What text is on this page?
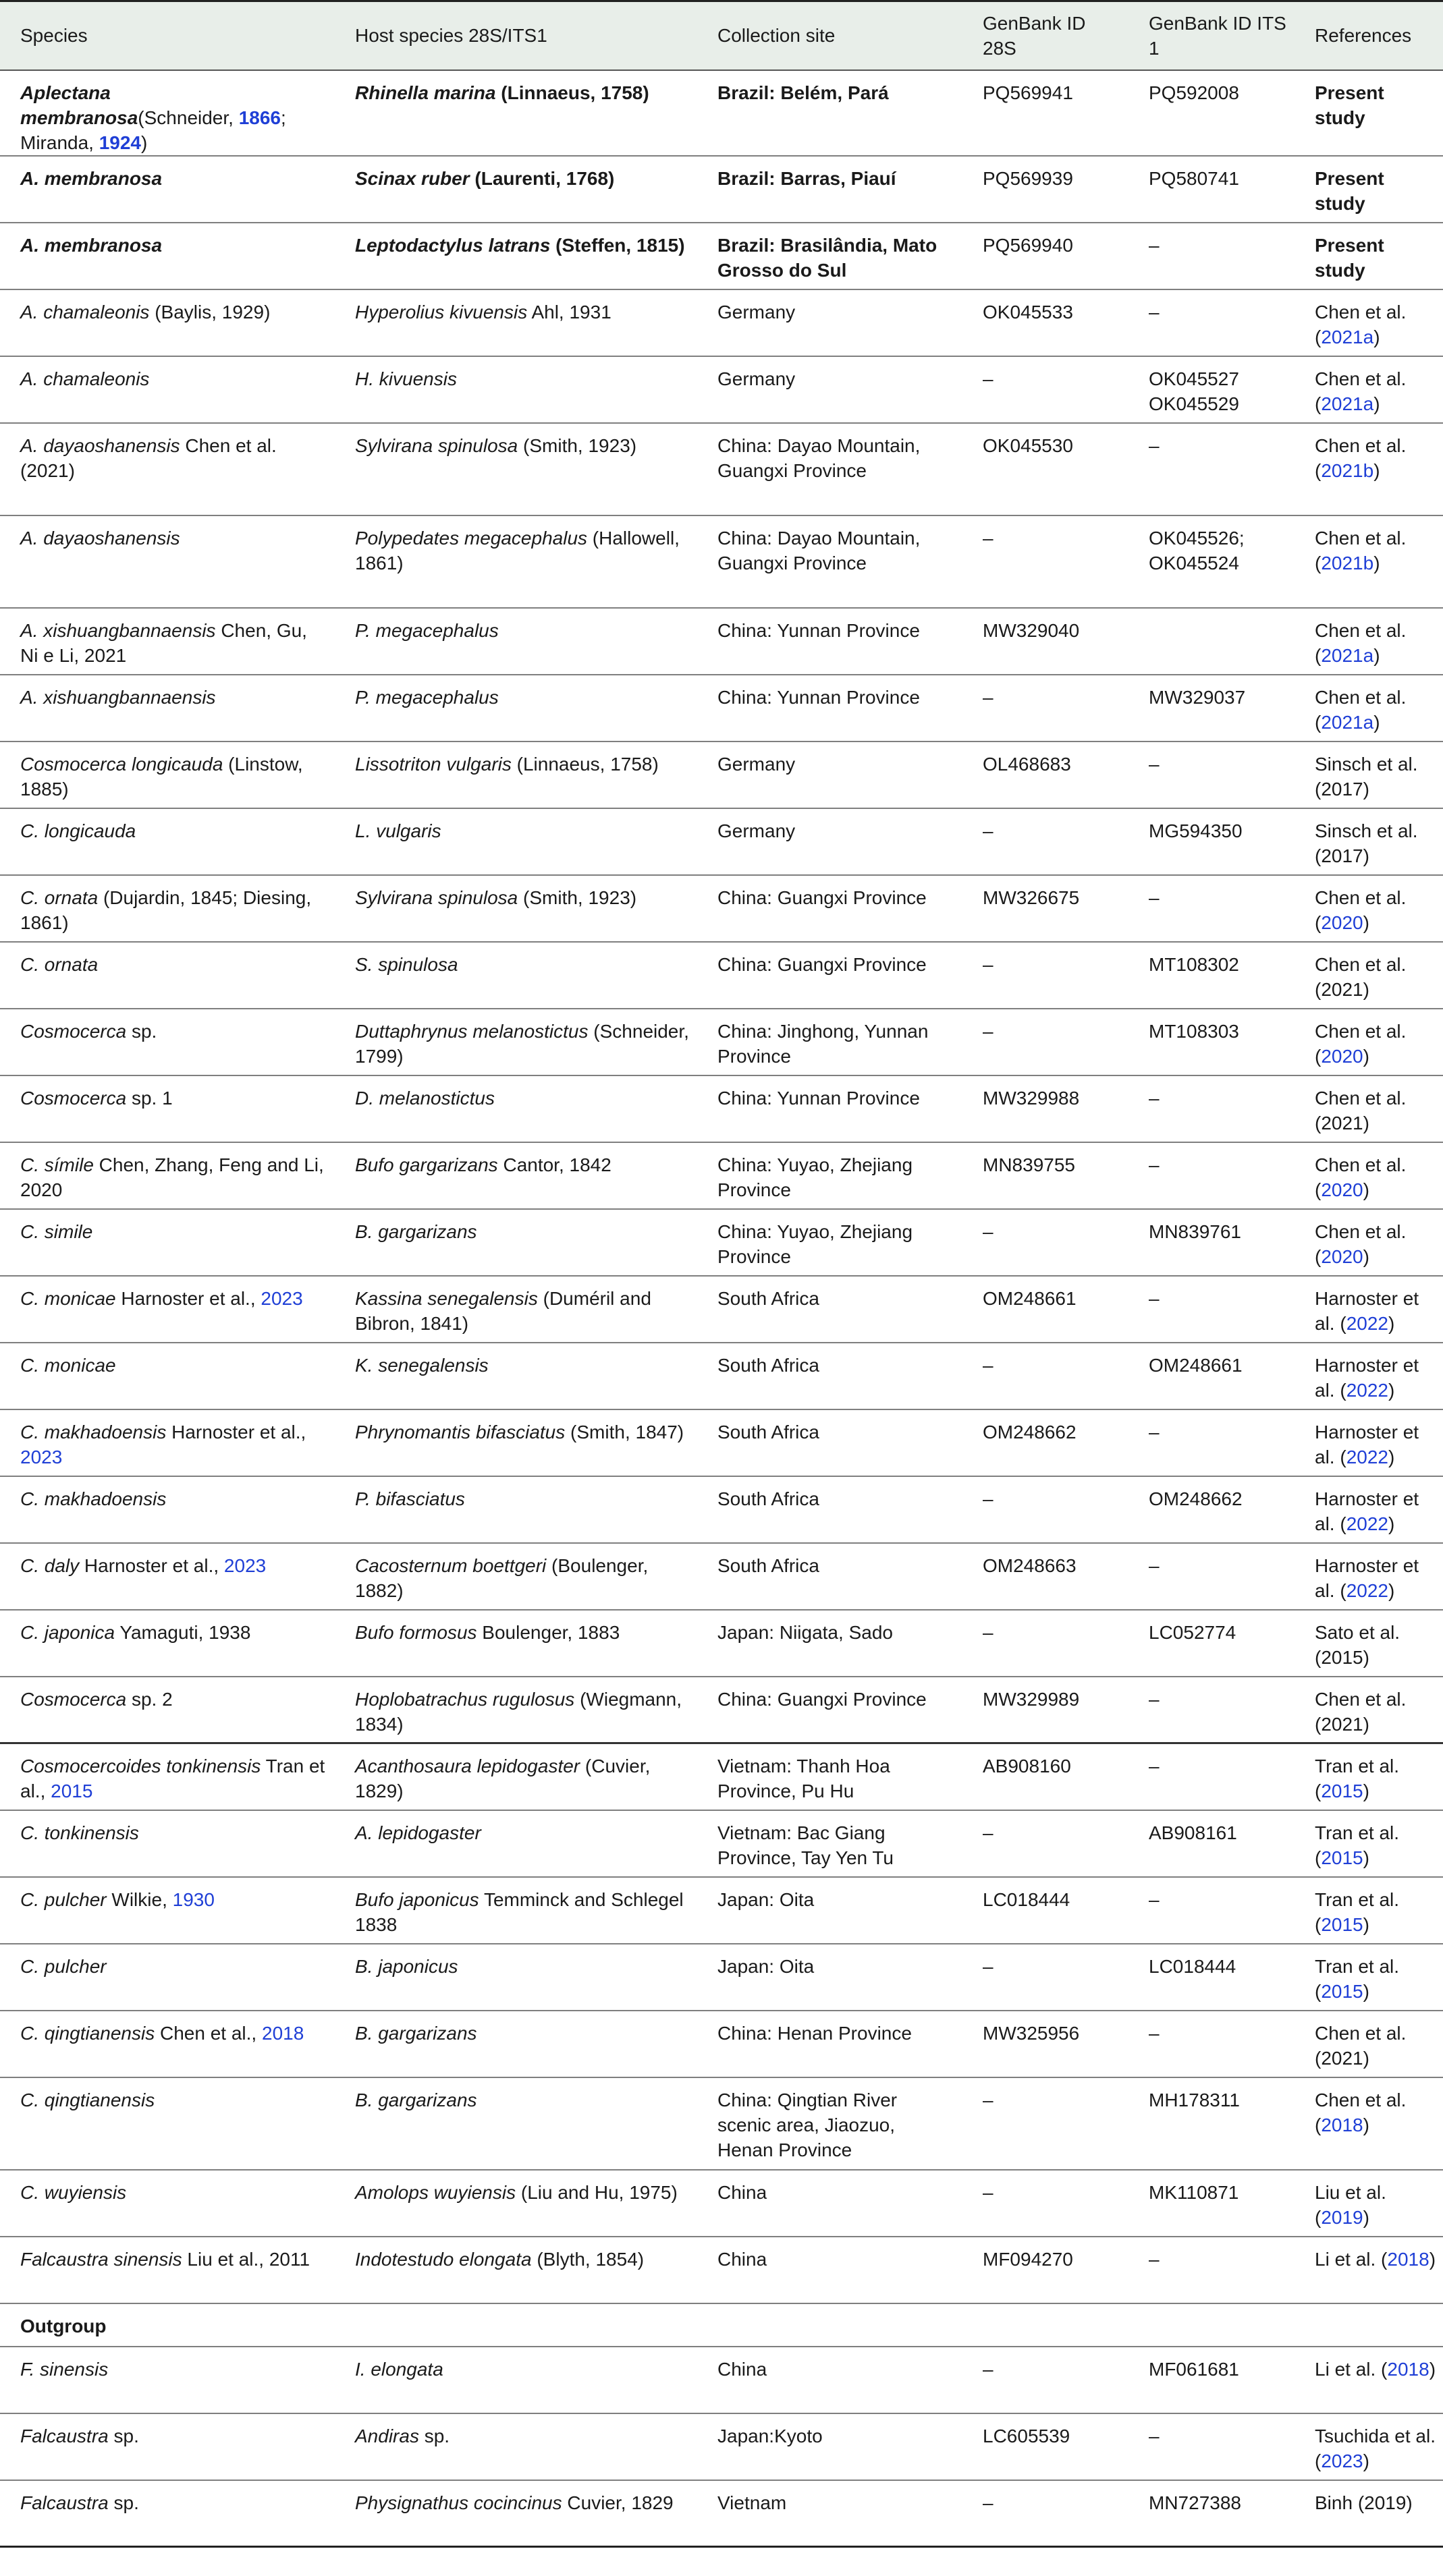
Species	Host species 28S/ITS1	Collection site	GenBank ID 28S	GenBank ID ITS 1	References
Aplectana membranosa(Schneider, 1866; Miranda, 1924)	Rhinella marina (Linnaeus, 1758)	Brazil: Belém, Pará	PQ569941	PQ592008	Present study
A. membranosa	Scinax ruber (Laurenti, 1768)	Brazil: Barras, Piauí	PQ569939	PQ580741	Present study
A. membranosa	Leptodactylus latrans (Steffen, 1815)	Brazil: Brasilândia, Mato Grosso do Sul	PQ569940	–	Present study
A. chamaleonis (Baylis, 1929)	Hyperolius kivuensis Ahl, 1931	Germany	OK045533	–	Chen et al. (2021a)
A. chamaleonis	H. kivuensis	Germany	–	OK045527 OK045529	Chen et al. (2021a)
A. dayaoshanensis Chen et al. (2021)	Sylvirana spinulosa (Smith, 1923)	China: Dayao Mountain, Guangxi Province	OK045530	–	Chen et al. (2021b)
A. dayaoshanensis	Polypedates megacephalus (Hallowell, 1861)	China: Dayao Mountain, Guangxi Province	–	OK045526; OK045524	Chen et al. (2021b)
A. xishuangbannaensis Chen, Gu, Ni e Li, 2021	P. megacephalus	China: Yunnan Province	MW329040		Chen et al. (2021a)
A. xishuangbannaensis	P. megacephalus	China: Yunnan Province	–	MW329037	Chen et al. (2021a)
Cosmocerca longicauda (Linstow, 1885)	Lissotriton vulgaris (Linnaeus, 1758)	Germany	OL468683	–	Sinsch et al. (2017)
C. longicauda	L. vulgaris	Germany	–	MG594350	Sinsch et al. (2017)
C. ornata (Dujardin, 1845; Diesing, 1861)	Sylvirana spinulosa (Smith, 1923)	China: Guangxi Province	MW326675	–	Chen et al. (2020)
C. ornata	S. spinulosa	China: Guangxi Province	–	MT108302	Chen et al. (2021)
Cosmocerca sp.	Duttaphrynus melanostictus (Schneider, 1799)	China: Jinghong, Yunnan Province	–	MT108303	Chen et al. (2020)
Cosmocerca sp. 1	D. melanostictus	China: Yunnan Province	MW329988	–	Chen et al. (2021)
C. símile Chen, Zhang, Feng and Li, 2020	Bufo gargarizans Cantor, 1842	China: Yuyao, Zhejiang Province	MN839755	–	Chen et al. (2020)
C. simile	B. gargarizans	China: Yuyao, Zhejiang Province	–	MN839761	Chen et al. (2020)
C. monicae Harnoster et al., 2023	Kassina senegalensis (Duméril and Bibron, 1841)	South Africa	OM248661	–	Harnoster et al. (2022)
C. monicae	K. senegalensis	South Africa	–	OM248661	Harnoster et al. (2022)
C. makhadoensis Harnoster et al., 2023	Phrynomantis bifasciatus (Smith, 1847)	South Africa	OM248662	–	Harnoster et al. (2022)
C. makhadoensis	P. bifasciatus	South Africa	–	OM248662	Harnoster et al. (2022)
C. daly Harnoster et al., 2023	Cacosternum boettgeri (Boulenger, 1882)	South Africa	OM248663	–	Harnoster et al. (2022)
C. japonica Yamaguti, 1938	Bufo formosus Boulenger, 1883	Japan: Niigata, Sado	–	LC052774	Sato et al. (2015)
Cosmocerca sp. 2	Hoplobatrachus rugulosus (Wiegmann, 1834)	China: Guangxi Province	MW329989	–	Chen et al. (2021)
Cosmocercoides tonkinensis Tran et al., 2015	Acanthosaura lepidogaster (Cuvier, 1829)	Vietnam: Thanh Hoa Province, Pu Hu	AB908160	–	Tran et al. (2015)
C. tonkinensis	A. lepidogaster	Vietnam: Bac Giang Province, Tay Yen Tu	–	AB908161	Tran et al. (2015)
C. pulcher Wilkie, 1930	Bufo japonicus Temminck and Schlegel 1838	Japan: Oita	LC018444	–	Tran et al. (2015)
C. pulcher	B. japonicus	Japan: Oita	–	LC018444	Tran et al. (2015)
C. qingtianensis Chen et al., 2018	B. gargarizans	China: Henan Province	MW325956	–	Chen et al. (2021)
C. qingtianensis	B. gargarizans	China: Qingtian River scenic area, Jiaozuo, Henan Province	–	MH178311	Chen et al. (2018)
C. wuyiensis	Amolops wuyiensis (Liu and Hu, 1975)	China	–	MK110871	Liu et al. (2019)
Falcaustra sinensis Liu et al., 2011	Indotestudo elongata (Blyth, 1854)	China	MF094270	–	Li et al. (2018)
Outgroup					
F. sinensis	I. elongata	China	–	MF061681	Li et al. (2018)
Falcaustra sp.	Andiras sp.	Japan:Kyoto	LC605539	–	Tsuchida et al. (2023)
Falcaustra sp.	Physignathus cocincinus Cuvier, 1829	Vietnam	–	MN727388	Binh (2019)
